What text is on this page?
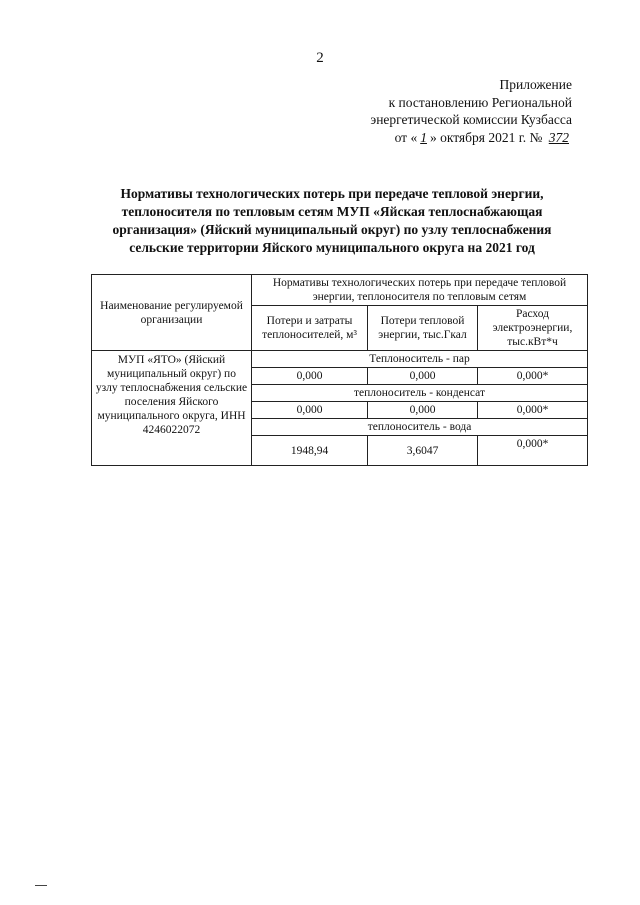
2
Приложение
к постановлению Региональной
энергетической комиссии Кузбасса
от « 1 » октября 2021 г. № 372
Нормативы технологических потерь при передаче тепловой энергии, теплоносителя по тепловым сетям МУП «Яйская теплоснабжающая организация» (Яйский муниципальный округ) по узлу теплоснабжения сельские территории Яйского муниципального округа на 2021 год
Наименование регулируемой организации	Нормативы технологических потерь при передаче тепловой энергии, теплоносителя по тепловым сетям		
	Потери и затраты теплоносителей, м³	Потери тепловой энергии, тыс.Гкал	Расход электроэнергии, тыс.кВт*ч
МУП «ЯТО» (Яйский муниципальный округ) по узлу теплоснабжения сельские поселения Яйского муниципального округа, ИНН 4246022072	Теплоноситель - пар		
	0,000	0,000	0,000*
	теплоноситель - конденсат		
	0,000	0,000	0,000*
	теплоноситель - вода		
	1948,94	3,6047	0,000*
